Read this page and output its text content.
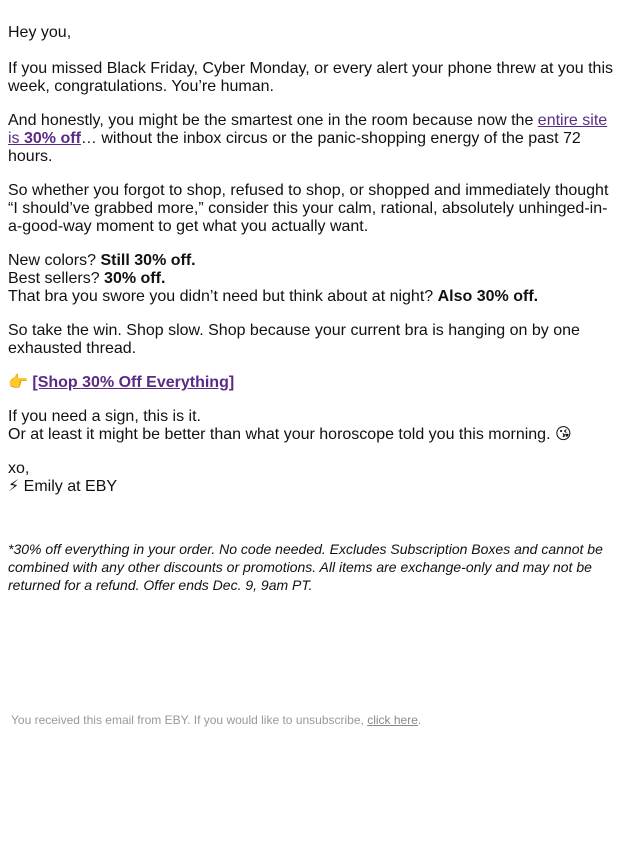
Hey you,

If you missed Black Friday, Cyber Monday, or every alert your phone threw at you this week, congratulations. You’re human.

And honestly, you might be the smartest one in the room because now the entire site is 30% off… without the inbox circus or the panic-shopping energy of the past 72 hours.

So whether you forgot to shop, refused to shop, or shopped and immediately thought “I should’ve grabbed more,” consider this your calm, rational, absolutely unhinged-in-a-good-way moment to get what you actually want.

New colors? Still 30% off.
Best sellers? 30% off.
That bra you swore you didn’t need but think about at night? Also 30% off.

So take the win. Shop slow. Shop because your current bra is hanging on by one exhausted thread.

👉 [Shop 30% Off Everything]

If you need a sign, this is it.
Or at least it might be better than what your horoscope told you this morning. 😘

xo,
⚡ Emily at EBY

*30% off everything in your order. No code needed. Excludes Subscription Boxes and cannot be combined with any other discounts or promotions. All items are exchange-only and may not be returned for a refund. Offer ends Dec. 9, 9am PT.

You received this email from EBY. If you would like to unsubscribe, click here.
